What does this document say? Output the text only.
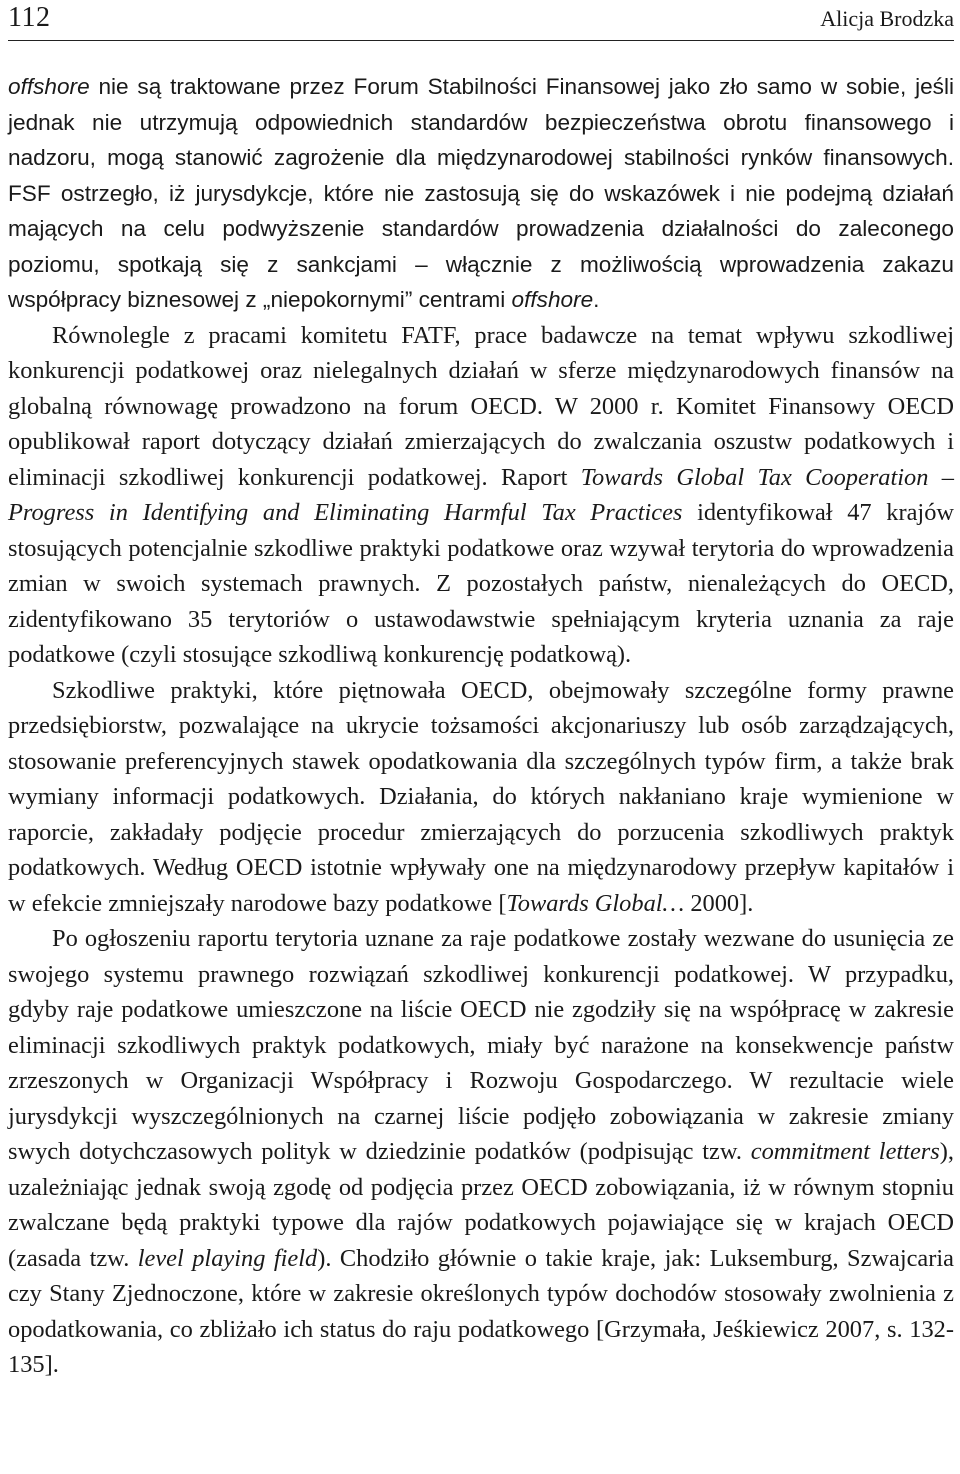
112	Alicja Brodzka

offshore nie są traktowane przez Forum Stabilności Finansowej jako zło samo w sobie, jeśli jednak nie utrzymują odpowiednich standardów bezpieczeństwa obrotu finansowego i nadzoru, mogą stanowić zagrożenie dla międzynarodowej stabilności rynków finansowych. FSF ostrzegło, iż jurysdykcje, które nie zastosują się do wskazówek i nie podejmą działań mających na celu podwyższenie standardów prowadzenia działalności do zaleconego poziomu, spotkają się z sankcjami – włącznie z możliwością wprowadzenia zakazu współpracy biznesowej z „niepokornymi” centrami offshore.

Równolegle z pracami komitetu FATF, prace badawcze na temat wpływu szkodliwej konkurencji podatkowej oraz nielegalnych działań w sferze międzynarodowych finansów na globalną równowagę prowadzono na forum OECD. W 2000 r. Komitet Finansowy OECD opublikował raport dotyczący działań zmierzających do zwalczania oszustw podatkowych i eliminacji szkodliwej konkurencji podatkowej. Raport Towards Global Tax Cooperation – Progress in Identifying and Eliminating Harmful Tax Practices identyfikował 47 krajów stosujących potencjalnie szkodliwe praktyki podatkowe oraz wzywał terytoria do wprowadzenia zmian w swoich systemach prawnych. Z pozostałych państw, nienależących do OECD, zidentyfikowano 35 terytoriów o ustawodawstwie spełniającym kryteria uznania za raje podatkowe (czyli stosujące szkodliwą konkurencję podatkową).

Szkodliwe praktyki, które piętnowała OECD, obejmowały szczególne formy prawne przedsiębiorstw, pozwalające na ukrycie tożsamości akcjonariuszy lub osób zarządzających, stosowanie preferencyjnych stawek opodatkowania dla szczególnych typów firm, a także brak wymiany informacji podatkowych. Działania, do których nakłaniano kraje wymienione w raporcie, zakładały podjęcie procedur zmierzających do porzucenia szkodliwych praktyk podatkowych. Według OECD istotnie wpływały one na międzynarodowy przepływ kapitałów i w efekcie zmniejszały narodowe bazy podatkowe [Towards Global… 2000].

Po ogłoszeniu raportu terytoria uznane za raje podatkowe zostały wezwane do usunięcia ze swojego systemu prawnego rozwiązań szkodliwej konkurencji podatkowej. W przypadku, gdyby raje podatkowe umieszczone na liście OECD nie zgodziły się na współpracę w zakresie eliminacji szkodliwych praktyk podatkowych, miały być narażone na konsekwencje państw zrzeszonych w Organizacji Współpracy i Rozwoju Gospodarczego. W rezultacie wiele jurysdykcji wyszczególnionych na czarnej liście podjęło zobowiązania w zakresie zmiany swych dotychczasowych polityk w dziedzinie podatków (podpisując tzw. commitment letters), uzależniając jednak swoją zgodę od podjęcia przez OECD zobowiązania, iż w równym stopniu zwalczane będą praktyki typowe dla rajów podatkowych pojawiające się w krajach OECD (zasada tzw. level playing field). Chodziło głównie o takie kraje, jak: Luksemburg, Szwajcaria czy Stany Zjednoczone, które w zakresie określonych typów dochodów stosowały zwolnienia z opodatkowania, co zbliżało ich status do raju podatkowego [Grzymała, Jeśkiewicz 2007, s. 132-135].
